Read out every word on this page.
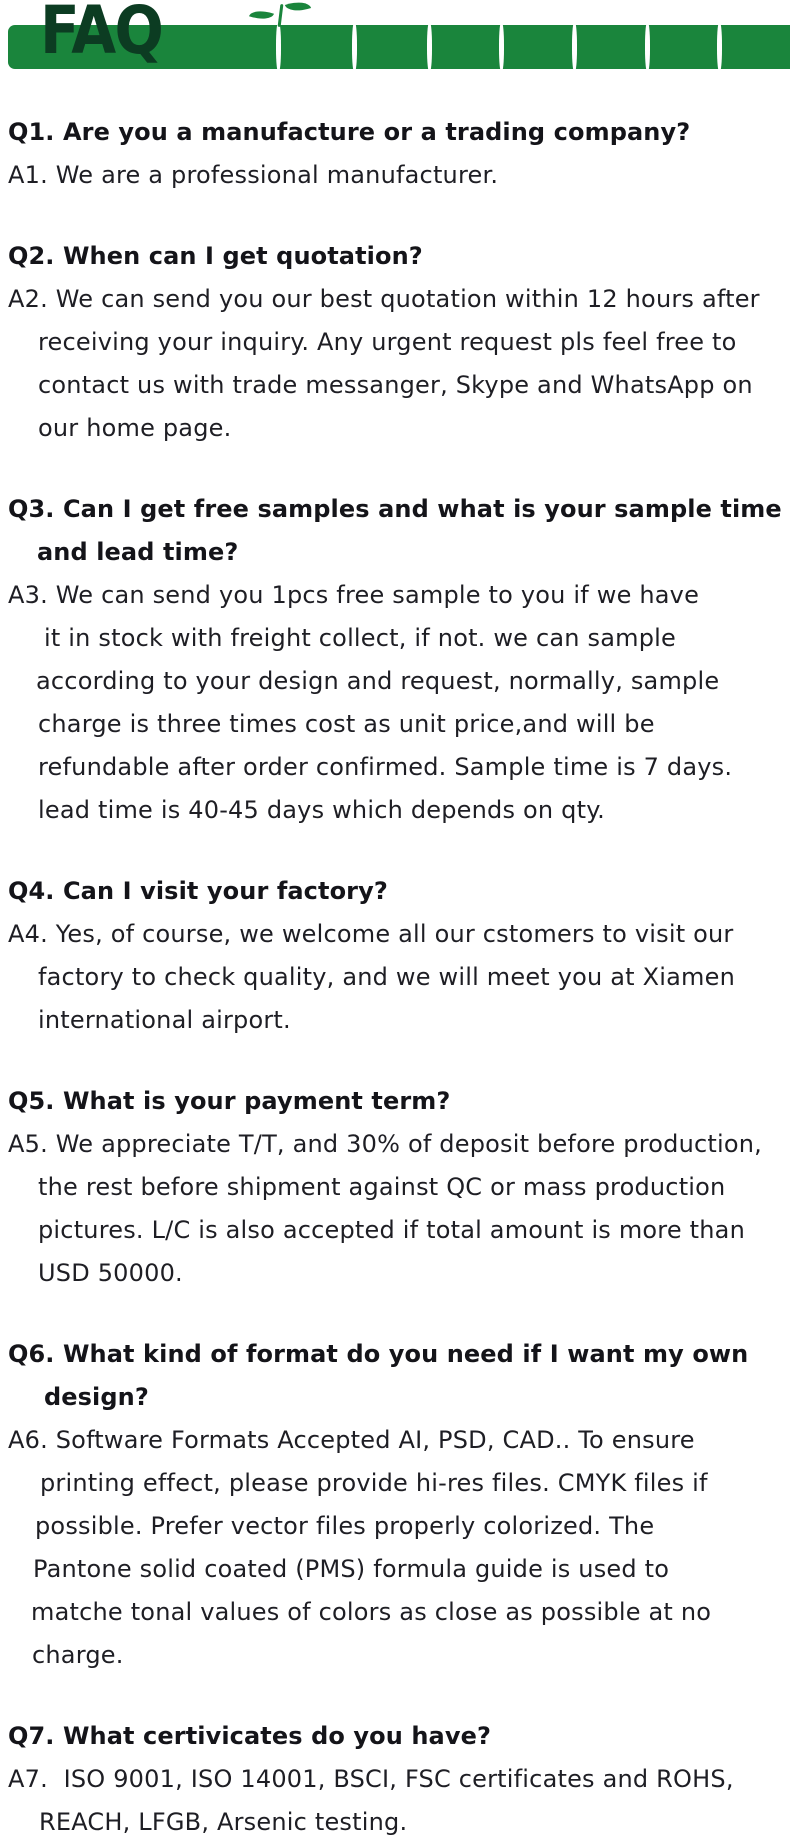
FAQ
Q1. Are you a manufacture or a trading company?
A1. We are a professional manufacturer.
Q2. When can I get quotation?
A2. We can send you our best quotation within 12 hours after
receiving your inquiry. Any urgent request pls feel free to
contact us with trade messanger, Skype and WhatsApp on
our home page.
Q3. Can I get free samples and what is your sample time
and lead time?
A3. We can send you 1pcs free sample to you if we have
it in stock with freight collect, if not. we can sample
according to your design and request, normally, sample
charge is three times cost as unit price,and will be
refundable after order confirmed. Sample time is 7 days.
lead time is 40-45 days which depends on qty.
Q4. Can I visit your factory?
A4. Yes, of course, we welcome all our cstomers to visit our
factory to check quality, and we will meet you at Xiamen
international airport.
Q5. What is your payment term?
A5. We appreciate T/T, and 30% of deposit before production,
the rest before shipment against QC or mass production
pictures. L/C is also accepted if total amount is more than
USD 50000.
Q6. What kind of format do you need if I want my own
design?
A6. Software Formats Accepted AI, PSD, CAD.. To ensure
printing effect, please provide hi-res files. CMYK files if
possible. Prefer vector files properly colorized. The
Pantone solid coated (PMS) formula guide is used to
matche tonal values of colors as close as possible at no
charge.
Q7. What certivicates do you have?
A7.  ISO 9001, ISO 14001, BSCI, FSC certificates and ROHS,
REACH, LFGB, Arsenic testing.
